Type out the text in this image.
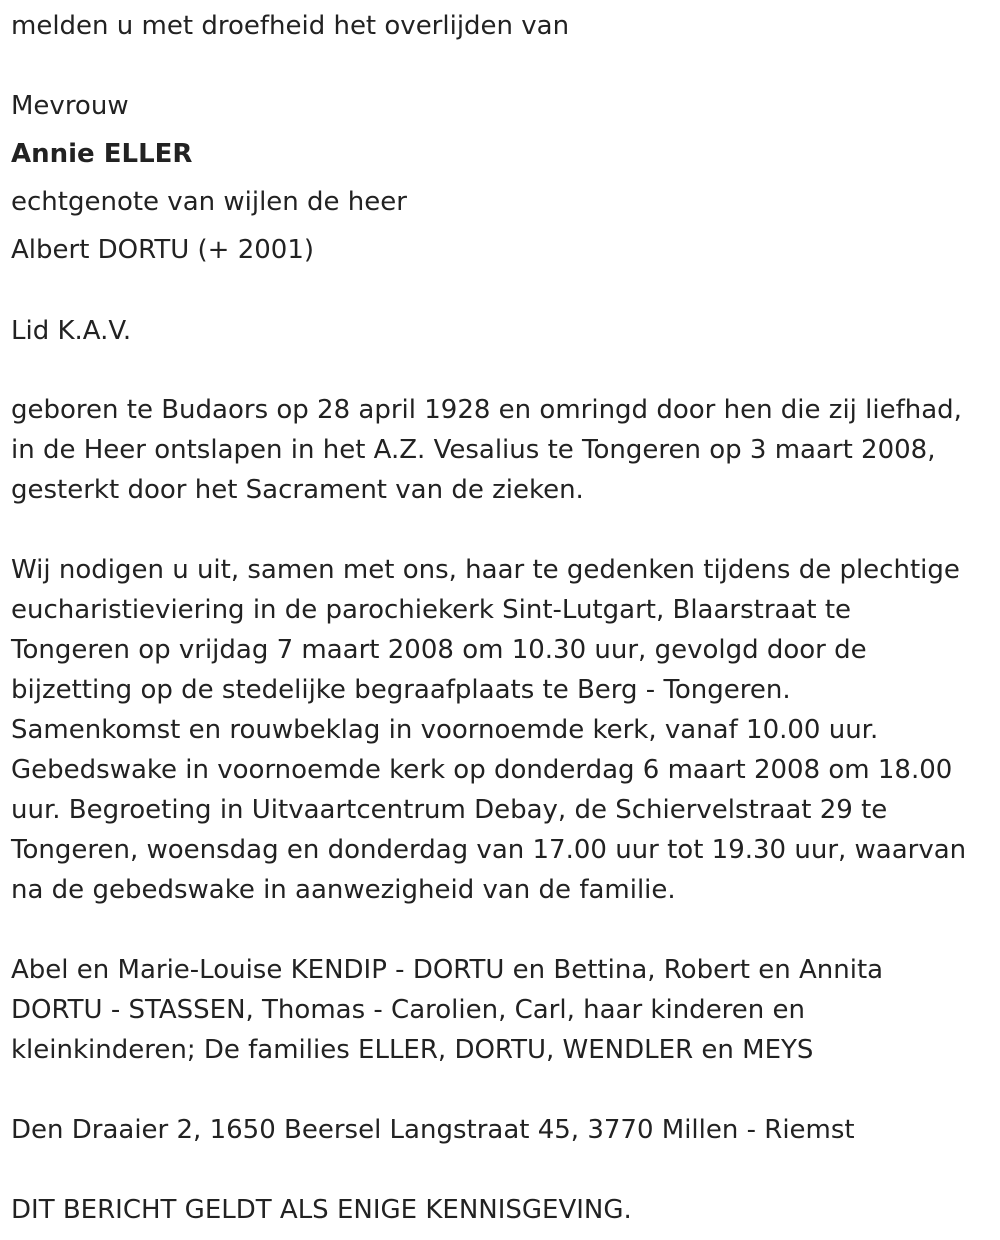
melden u met droefheid het overlijden van

Mevrouw

Annie ELLER

echtgenote van wijlen de heer

Albert DORTU (+ 2001)

Lid K.A.V.

geboren te Budaors op 28 april 1928 en omringd door hen die zij liefhad,

in de Heer ontslapen in het A.Z. Vesalius te Tongeren op 3 maart 2008,

gesterkt door het Sacrament van de zieken.

Wij nodigen u uit, samen met ons, haar te gedenken tijdens de plechtige

eucharistieviering in de parochiekerk Sint-Lutgart, Blaarstraat te

Tongeren op vrijdag 7 maart 2008 om 10.30 uur, gevolgd door de

bijzetting op de stedelijke begraafplaats te Berg - Tongeren.

Samenkomst en rouwbeklag in voornoemde kerk, vanaf 10.00 uur.

Gebedswake in voornoemde kerk op donderdag 6 maart 2008 om 18.00

uur. Begroeting in Uitvaartcentrum Debay, de Schiervelstraat 29 te

Tongeren, woensdag en donderdag van 17.00 uur tot 19.30 uur, waarvan

na de gebedswake in aanwezigheid van de familie.

Abel en Marie-Louise KENDIP - DORTU en Bettina, Robert en Annita

DORTU - STASSEN, Thomas - Carolien, Carl, haar kinderen en

kleinkinderen; De families ELLER, DORTU, WENDLER en MEYS

Den Draaier 2, 1650 Beersel Langstraat 45, 3770 Millen - Riemst

DIT BERICHT GELDT ALS ENIGE KENNISGEVING.
